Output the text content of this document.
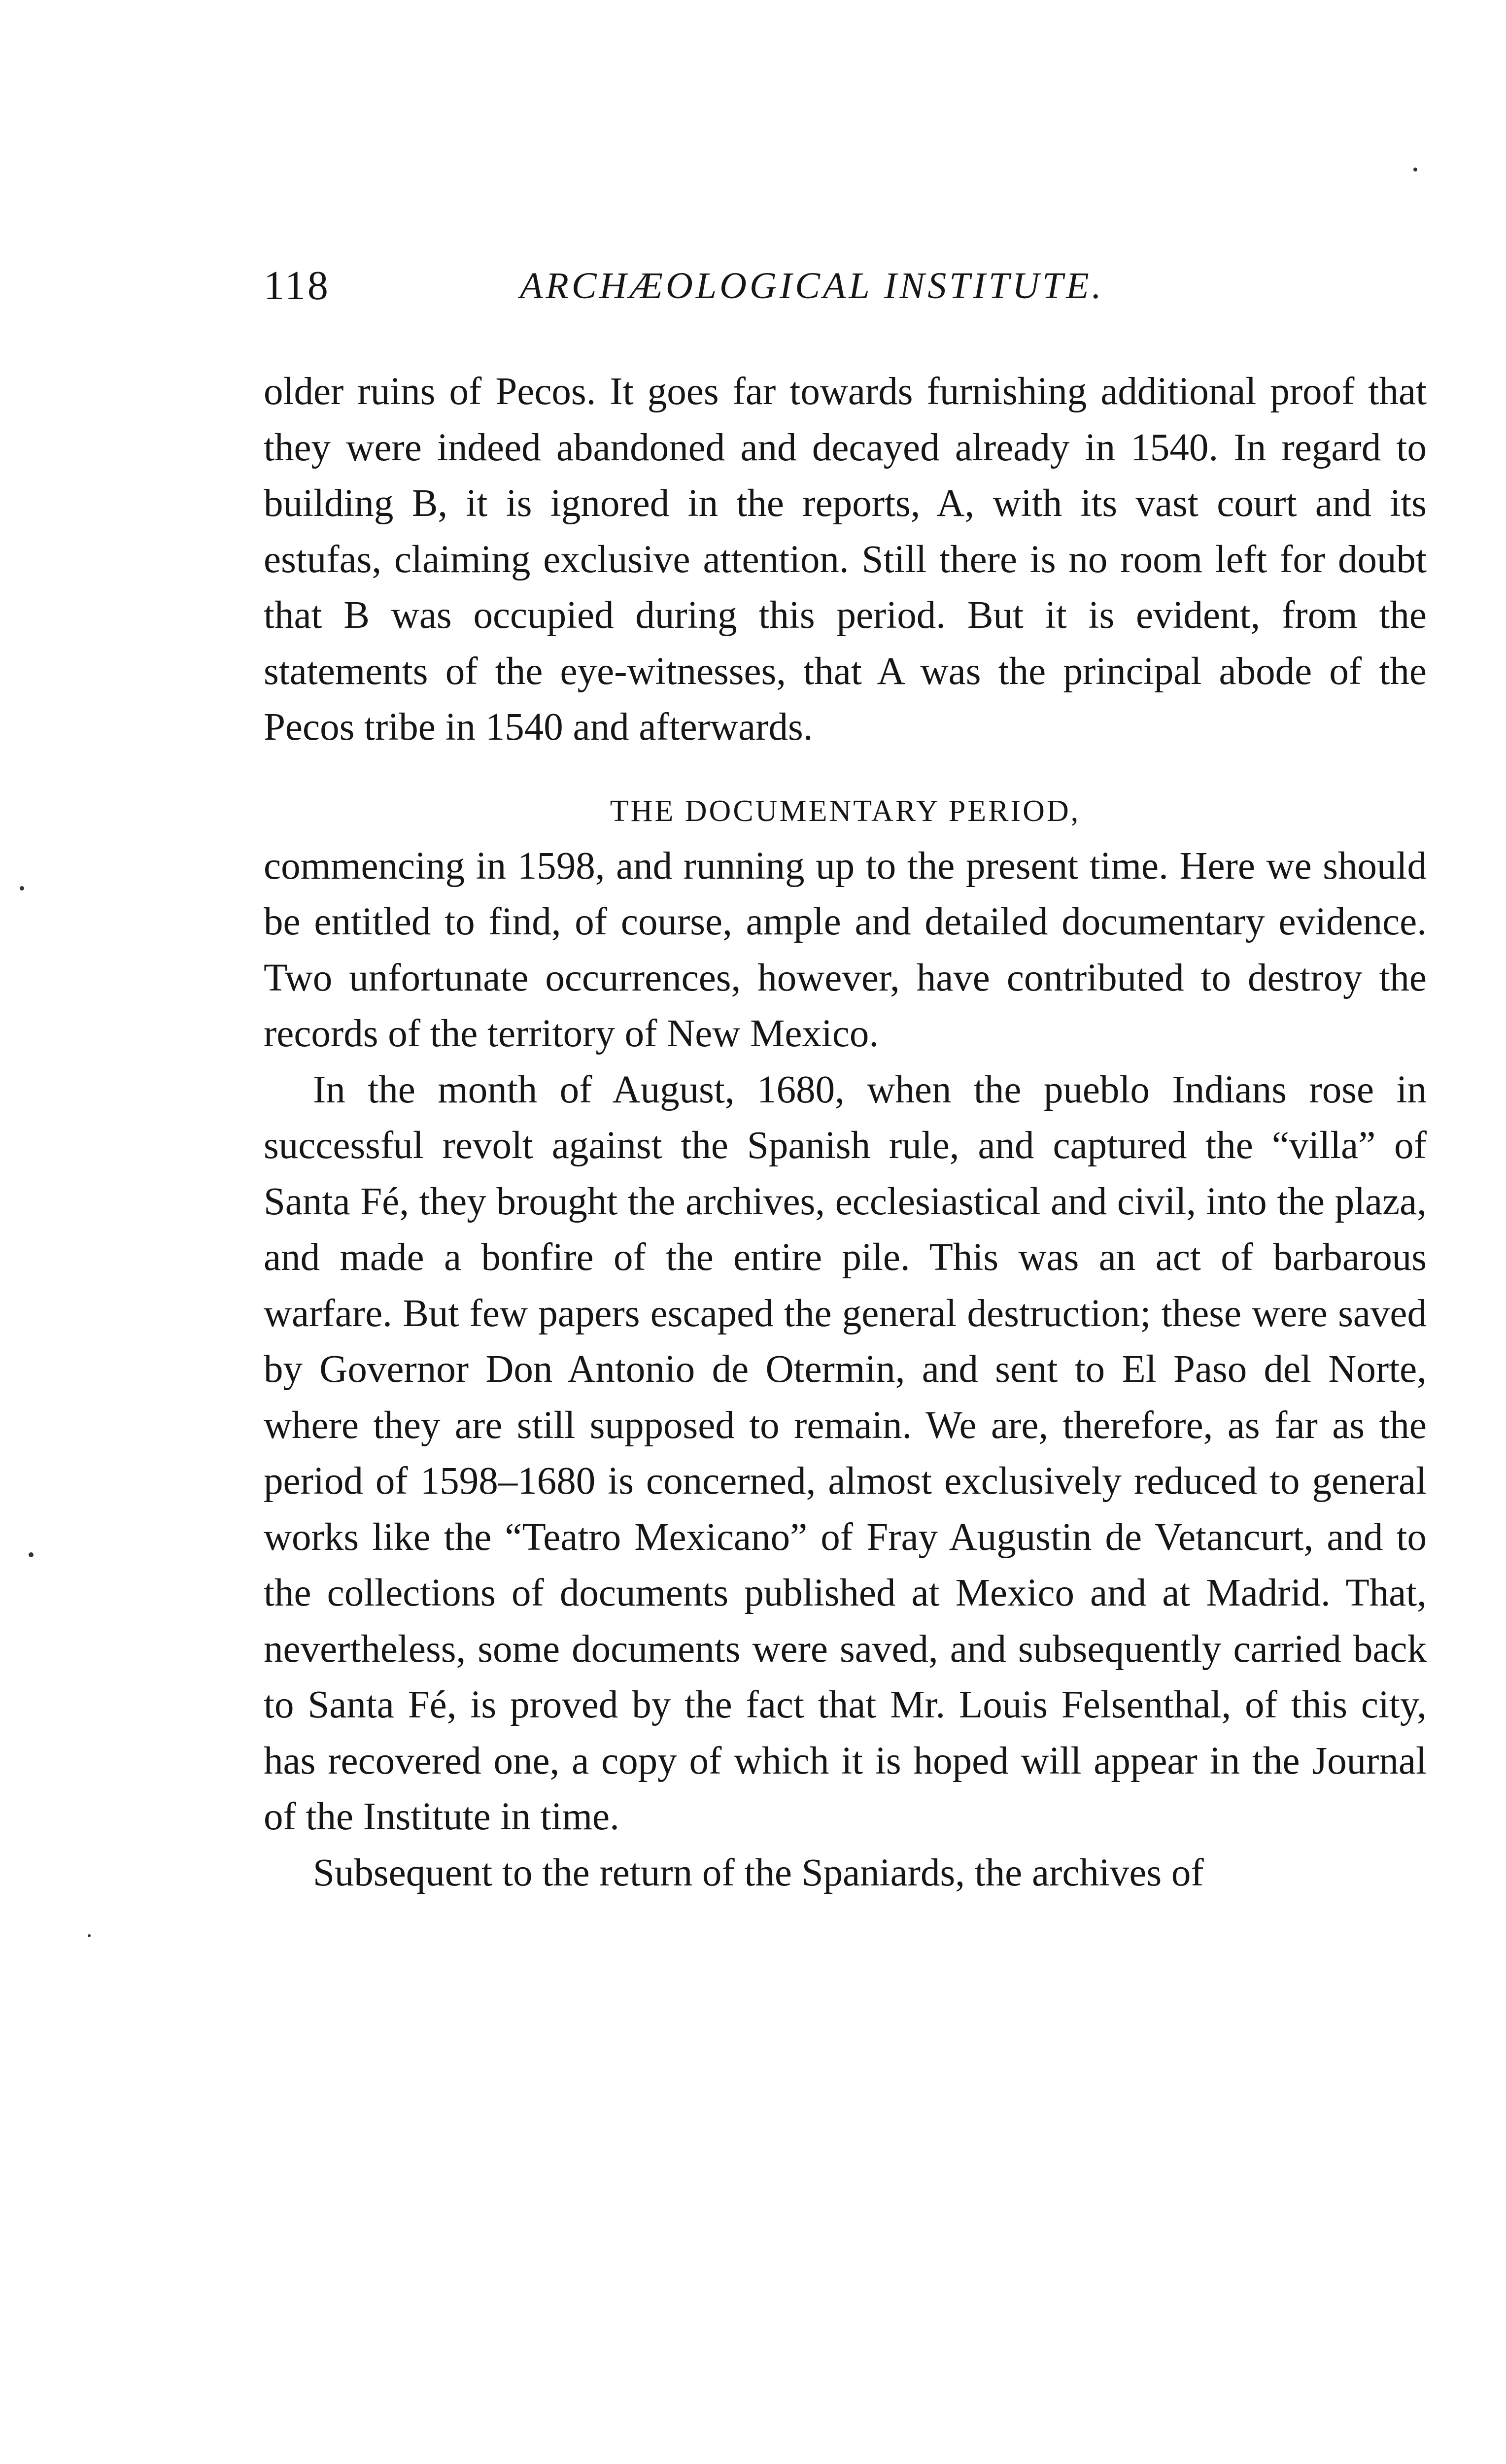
118	ARCHÆOLOGICAL INSTITUTE.

older ruins of Pecos. It goes far towards furnishing additional proof that they were indeed abandoned and decayed already in 1540. In regard to building B, it is ignored in the reports, A, with its vast court and its estufas, claiming exclusive attention. Still there is no room left for doubt that B was occupied during this period. But it is evident, from the statements of the eye-witnesses, that A was the principal abode of the Pecos tribe in 1540 and afterwards.

THE DOCUMENTARY PERIOD,

commencing in 1598, and running up to the present time. Here we should be entitled to find, of course, ample and detailed documentary evidence. Two unfortunate occurrences, however, have contributed to destroy the records of the territory of New Mexico.

In the month of August, 1680, when the pueblo Indians rose in successful revolt against the Spanish rule, and captured the “villa” of Santa Fé, they brought the archives, ecclesiastical and civil, into the plaza, and made a bonfire of the entire pile. This was an act of barbarous warfare. But few papers escaped the general destruction; these were saved by Governor Don Antonio de Otermin, and sent to El Paso del Norte, where they are still supposed to remain. We are, therefore, as far as the period of 1598–1680 is concerned, almost exclusively reduced to general works like the “Teatro Mexicano” of Fray Augustin de Vetancurt, and to the collections of documents published at Mexico and at Madrid. That, nevertheless, some documents were saved, and subsequently carried back to Santa Fé, is proved by the fact that Mr. Louis Felsenthal, of this city, has recovered one, a copy of which it is hoped will appear in the Journal of the Institute in time.

Subsequent to the return of the Spaniards, the archives of
